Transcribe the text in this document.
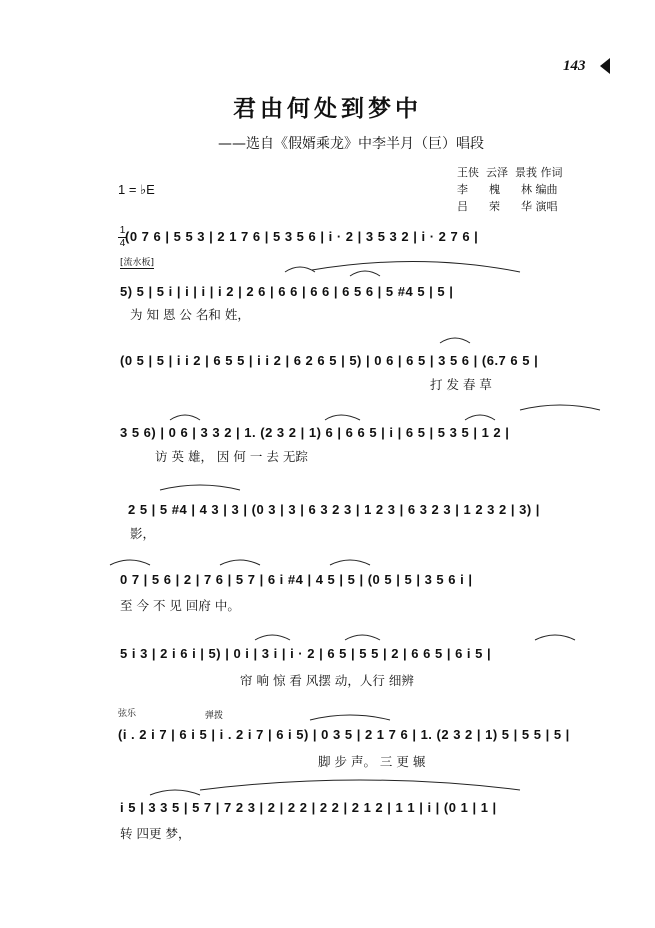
143
君由何处到梦中
——选自《假婿乘龙》中李半月（巨）唱段
王侠  云泽  景莪 作词
李      槐      林 编曲
吕      荣      华 演唱
1 = ♭E
1
4
[流水板]
弦乐	弹拨
(0 7 6 | 5 5 3 | 2 1 7 6 | 5 3 5 6 | i · 2 | 3 5 3 2 | i · 2 7 6 |
5) 5 | 5 i | i | i | i 2 | 2 6 | 6 6 | 6 6 | 6 5 6 | 5 #4 5 | 5 |
为 知 恩 公 名和 姓，
(0 5 | 5 | i i 2 | 6 5 5 | i i 2 | 6 2 6 5 | 5) | 0 6 | 6 5 | 3 5 6 | (6.7 6 5 |
打 发 春 草
3 5 6) | 0 6 | 3 3 2 | 1. (2 3 2 | 1) 6 | 6 6 5 | i | 6 5 | 5 3 5 | 1 2 |
访 英 雄， 因 何 一 去 无踪
2 5 | 5 #4 | 4 3 | 3 | (0 3 | 3 | 6 3 2 3 | 1 2 3 | 6 3 2 3 | 1 2 3 2 | 3) |
影，
0 7 | 5 6 | 2 | 7 6 | 5 7 | 6 i #4 | 4 5 | 5 | (0 5 | 5 | 3 5 6 i |
至 今 不 见 回府 中。
5 i 3 | 2 i 6 i | 5) | 0 i | 3 i | i · 2 | 6 5 | 5 5 | 2 | 6 6 5 | 6 i 5 |
帘 响 惊 看 风摆 动，人行 细辨
(i . 2 i 7 | 6 i 5 | i . 2 i 7 | 6 i 5) | 0 3 5 | 2 1 7 6 | 1. (2 3 2 | 1) 5 | 5 5 | 5 |
脚 步 声。 三 更 辗
i 5 | 3 3 5 | 5 7 | 7 2 3 | 2 | 2 2 | 2 2 | 2 1 2 | 1 1 | i | (0 1 | 1 |
转 四更 梦，
